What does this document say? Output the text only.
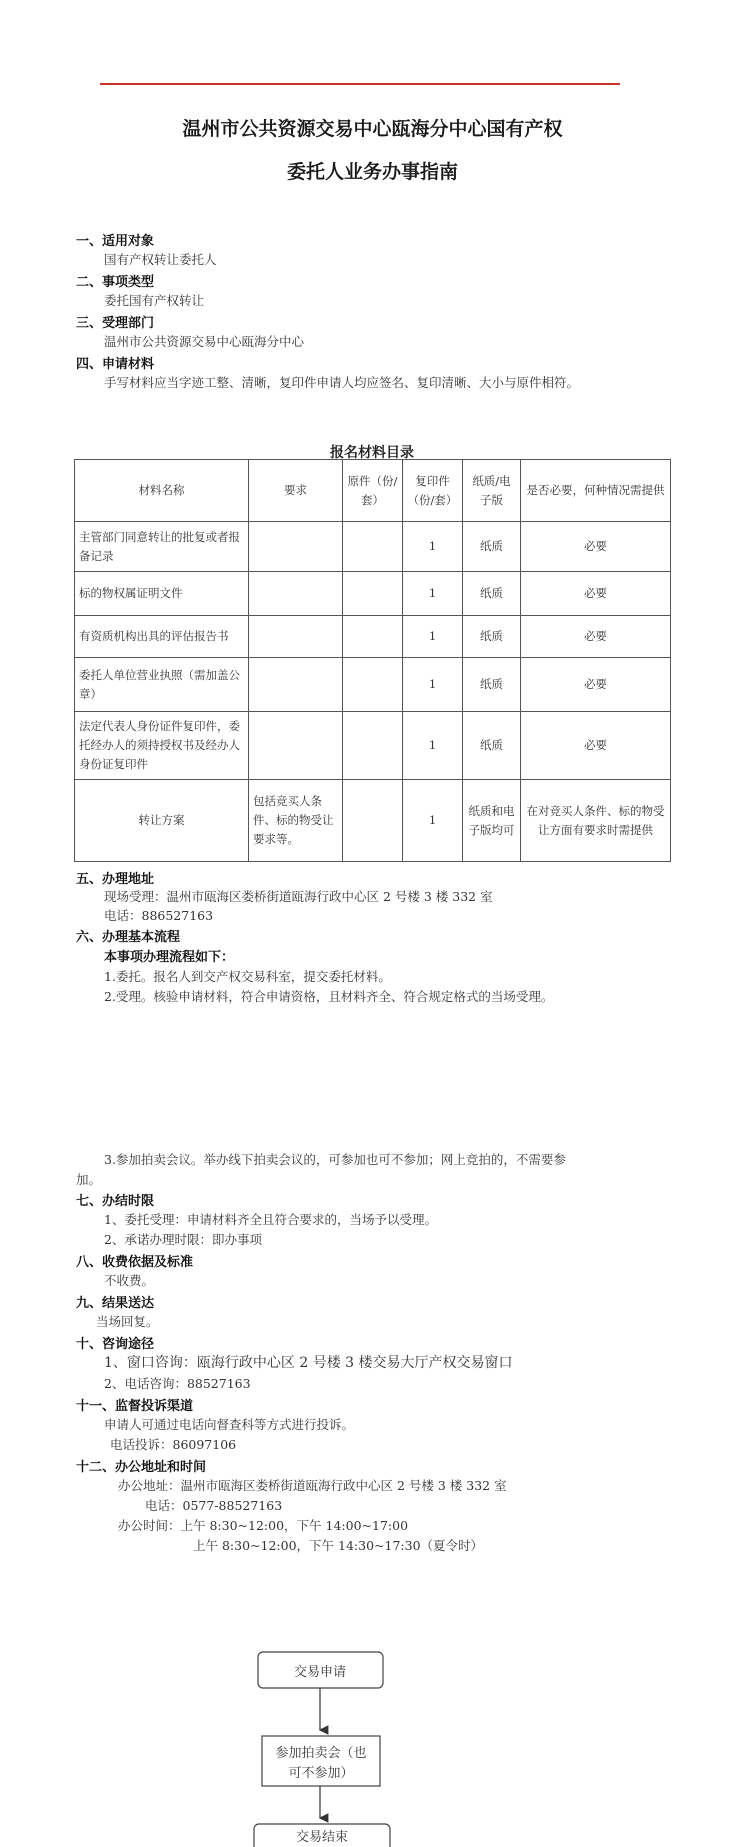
温州市公共资源交易中心瓯海分中心国有产权
委托人业务办事指南
一、适用对象
国有产权转让委托人
二、事项类型
委托国有产权转让
三、受理部门
温州市公共资源交易中心瓯海分中心
四、申请材料
手写材料应当字迹工整、清晰，复印件申请人均应签名、复印清晰、大小与原件相符。
报名材料目录
材料名称	要求	原件（份/套）	复印件（份/套）	纸质/电子版	是否必要，何种情况需提供
主管部门同意转让的批复或者报备记录			1	纸质	必要
标的物权属证明文件			1	纸质	必要
有资质机构出具的评估报告书			1	纸质	必要
委托人单位营业执照（需加盖公章）			1	纸质	必要
法定代表人身份证件复印件，委托经办人的须持授权书及经办人身份证复印件			1	纸质	必要
转让方案	包括竞买人条件、标的物受让要求等。		1	纸质和电子版均可	在对竞买人条件、标的物受让方面有要求时需提供
五、办理地址
现场受理：温州市瓯海区娄桥街道瓯海行政中心区 2 号楼 3 楼 332 室
电话：886527163
六、办理基本流程
本事项办理流程如下：
1.委托。报名人到交产权交易科室，提交委托材料。
2.受理。核验申请材料，符合申请资格，且材料齐全、符合规定格式的当场受理。
3.参加拍卖会议。举办线下拍卖会议的，可参加也可不参加；网上竞拍的，不需要参
加。
七、办结时限
1、委托受理：申请材料齐全且符合要求的，当场予以受理。
2、承诺办理时限：即办事项
八、收费依据及标准
不收费。
九、结果送达
当场回复。
十、咨询途径
1、窗口咨询：瓯海行政中心区 2 号楼 3 楼交易大厅产权交易窗口
2、电话咨询：88527163
十一、监督投诉渠道
申请人可通过电话向督查科等方式进行投诉。
电话投诉：86097106
十二、办公地址和时间
办公地址：温州市瓯海区娄桥街道瓯海行政中心区 2 号楼 3 楼 332 室
电话：0577-88527163
办公时间：上午 8:30~12:00，下午 14:00~17:00
上午 8:30~12:00，下午 14:30~17:30（夏令时）
交易申请
参加拍卖会（也
可不参加）
交易结束
